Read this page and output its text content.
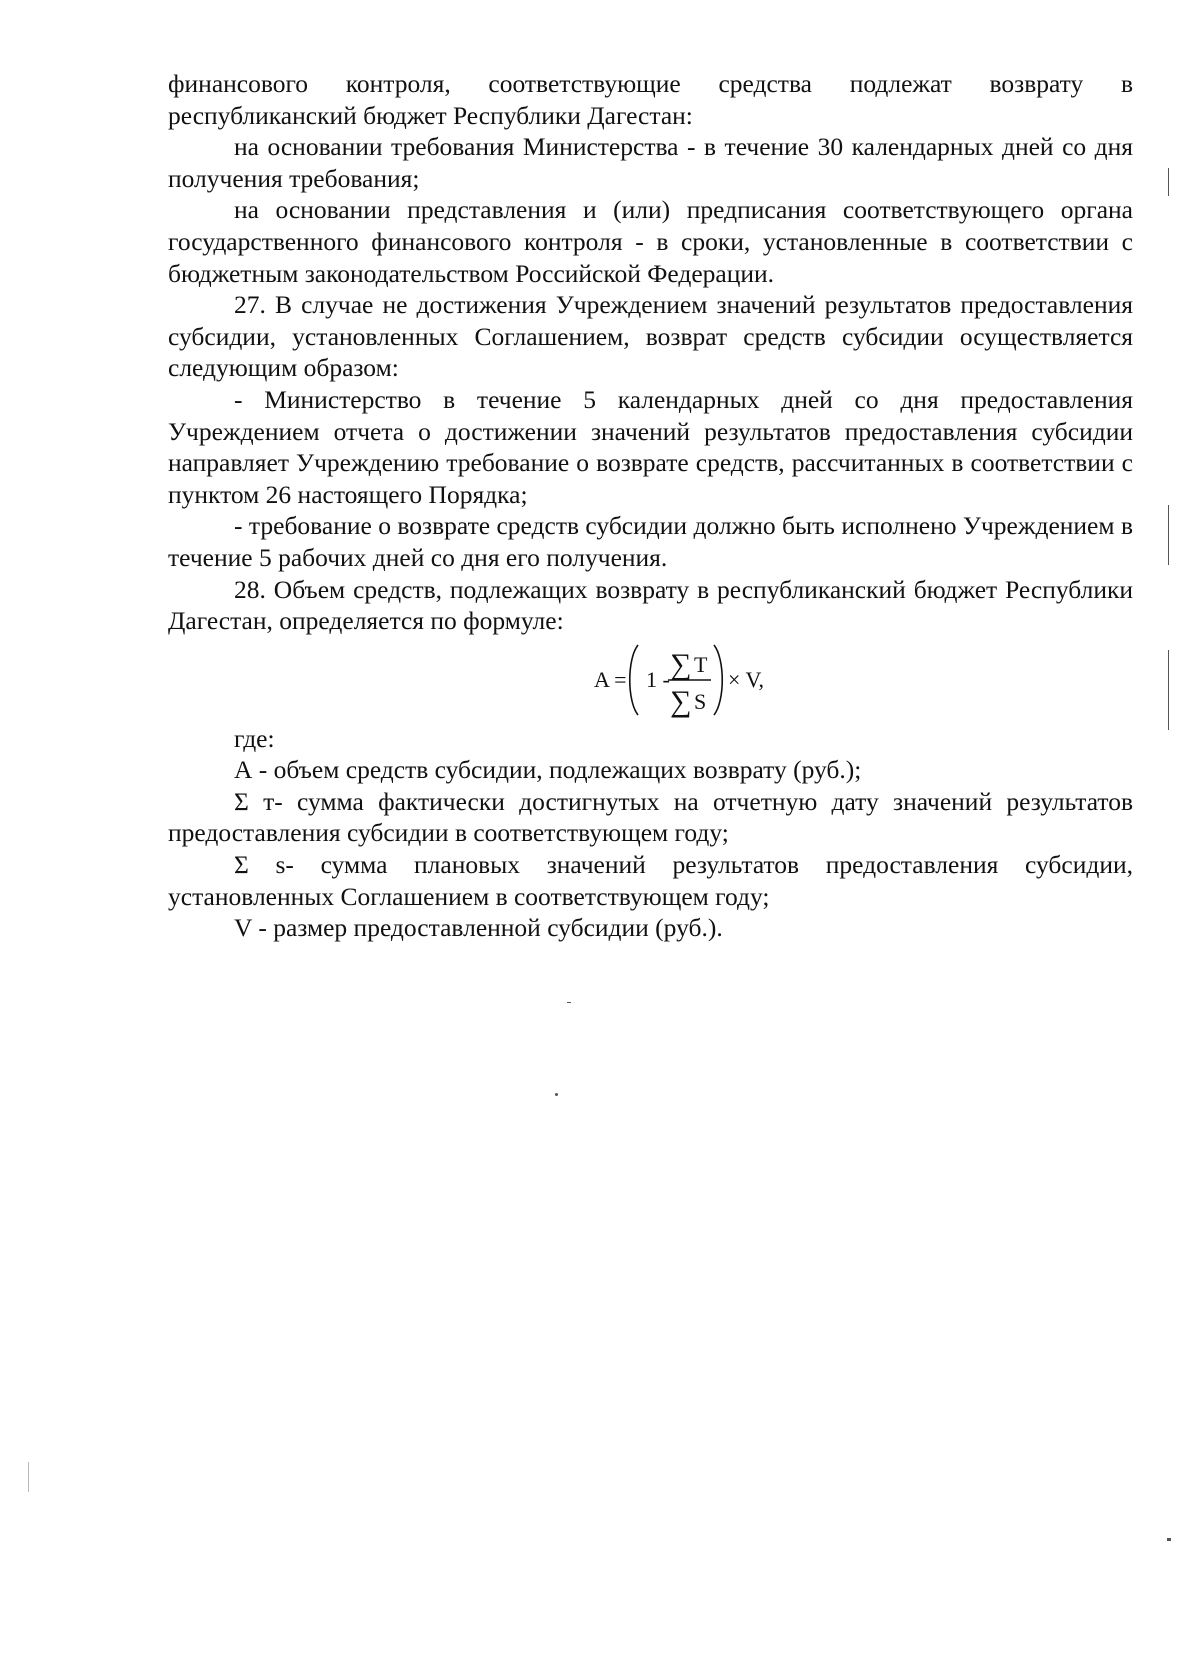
финансового контроля, соответствующие средства подлежат возврату в республиканский бюджет Республики Дагестан:

на основании требования Министерства - в течение 30 календарных дней со дня получения требования;

на основании представления и (или) предписания соответствующего органа государственного финансового контроля - в сроки, установленные в соответствии с бюджетным законодательством Российской Федерации.

27. В случае не достижения Учреждением значений результатов предоставления субсидии, установленных Соглашением, возврат средств субсидии осуществляется следующим образом:

- Министерство в течение 5 календарных дней со дня предоставления Учреждением отчета о достижении значений результатов предоставления субсидии направляет Учреждению требование о возврате средств, рассчитанных в соответствии с пунктом 26 настоящего Порядка;

- требование о возврате средств субсидии должно быть исполнено Учреждением в течение 5 рабочих дней со дня его получения.

28. Объем средств, подлежащих возврату в республиканский бюджет Республики Дагестан, определяется по формуле:

A = 1 - ∑ T
∑ S
× V,

где:

А - объем средств субсидии, подлежащих возврату (руб.);

Σ т- сумма фактически достигнутых на отчетную дату значений результатов предоставления субсидии в соответствующем году;

Σ s- сумма плановых значений результатов предоставления субсидии, установленных Соглашением в соответствующем году;

V - размер предоставленной субсидии (руб.).
